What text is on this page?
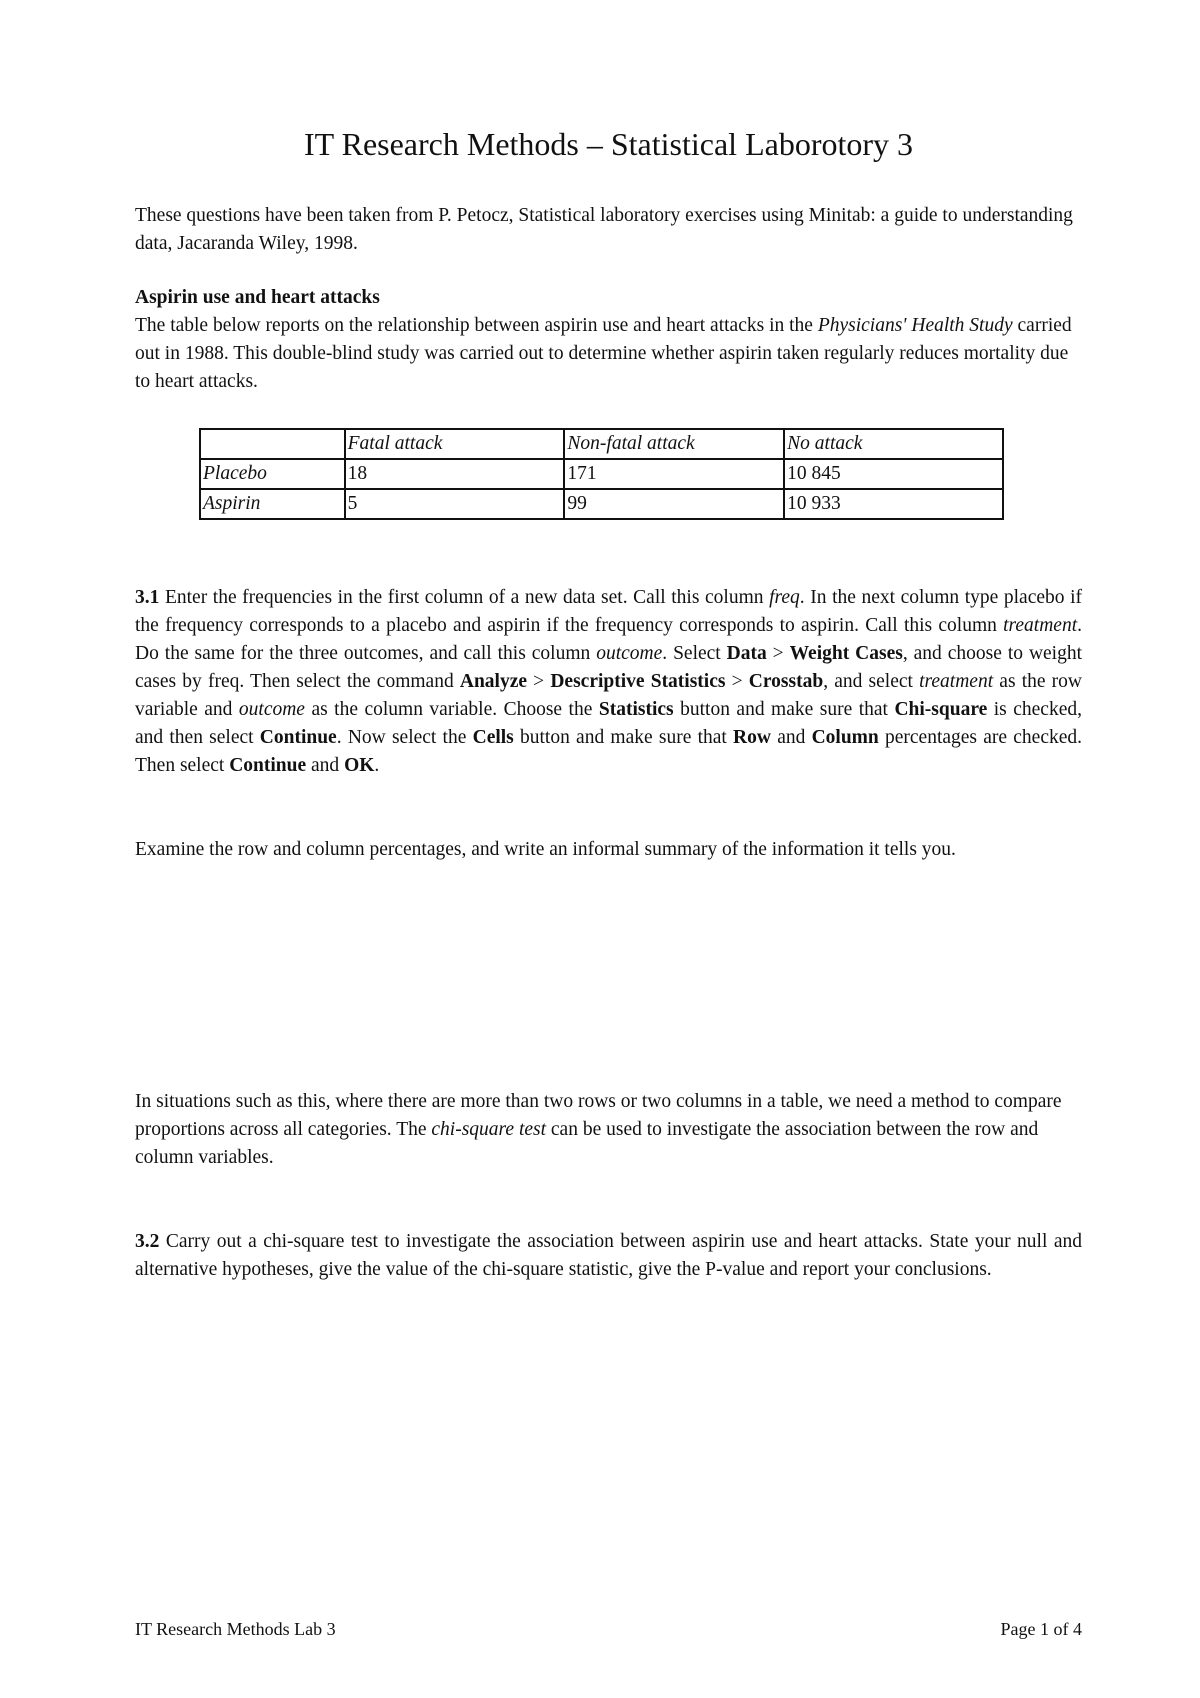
IT Research Methods – Statistical Laborotory 3

These questions have been taken from P. Petocz, Statistical laboratory exercises using Minitab: a guide to understanding data, Jacaranda Wiley, 1998.

Aspirin use and heart attacks

The table below reports on the relationship between aspirin use and heart attacks in the Physicians' Health Study carried out in 1988. This double-blind study was carried out to determine whether aspirin taken regularly reduces mortality due to heart attacks.

	Fatal attack	Non-fatal attack	No attack
Placebo	18	171	10 845
Aspirin	5	99	10 933

3.1 Enter the frequencies in the first column of a new data set. Call this column freq. In the next column type placebo if the frequency corresponds to a placebo and aspirin if the frequency corresponds to aspirin. Call this column treatment. Do the same for the three outcomes, and call this column outcome. Select Data > Weight Cases, and choose to weight cases by freq. Then select the command Analyze > Descriptive Statistics > Crosstab, and select treatment as the row variable and outcome as the column variable. Choose the Statistics button and make sure that Chi-square is checked, and then select Continue. Now select the Cells button and make sure that Row and Column percentages are checked. Then select Continue and OK.

Examine the row and column percentages, and write an informal summary of the information it tells you.

In situations such as this, where there are more than two rows or two columns in a table, we need a method to compare proportions across all categories. The chi-square test can be used to investigate the association between the row and column variables.

3.2 Carry out a chi-square test to investigate the association between aspirin use and heart attacks. State your null and alternative hypotheses, give the value of the chi-square statistic, give the P-value and report your conclusions.

IT Research Methods Lab 3	Page 1 of 4
